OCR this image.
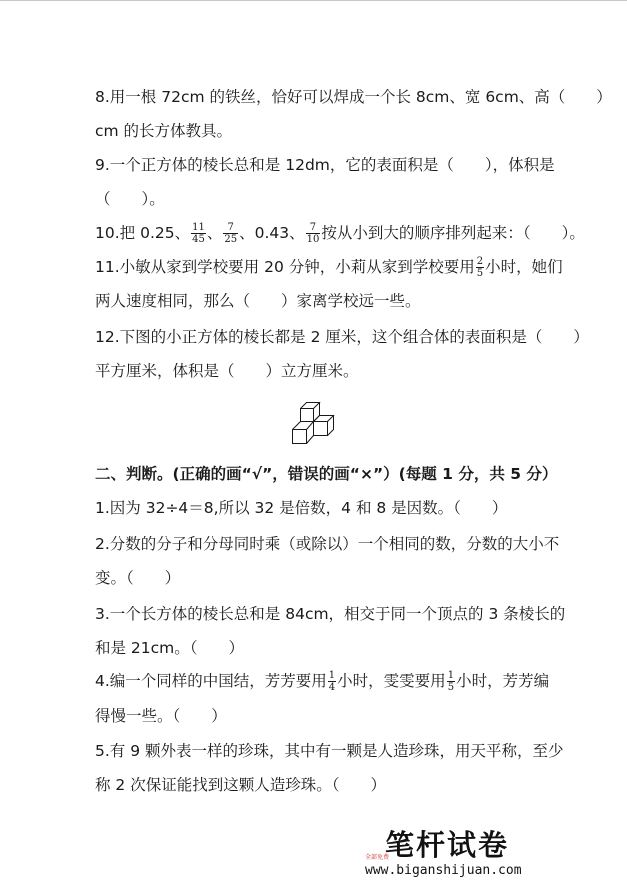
8.用一根 72cm 的铁丝，恰好可以焊成一个长 8cm、宽 6cm、高（　　）
cm 的长方体教具。
9.一个正方体的棱长总和是 12dm，它的表面积是（　　），体积是
（　　）。
10.把 0.25、 $\frac{11}{45}$ 、 $\frac{7}{25}$ 、0.43、 $\frac{7}{10}$ 按从小到大的顺序排列起来：（　　）。
11.小敏从家到学校要用 20 分钟，小莉从家到学校要用 $\frac{2}{5}$ 小时，她们
两人速度相同，那么（　　）家离学校远一些。
12.下图的小正方体的棱长都是 2 厘米，这个组合体的表面积是（　　）
平方厘米，体积是（　　）立方厘米。
二、判断。(正确的画“√”，错误的画“×”）(每题 1 分，共 5 分）
1.因为 32÷4＝8,所以 32 是倍数，4 和 8 是因数。（　　）
2.分数的分子和分母同时乘（或除以）一个相同的数，分数的大小不
变。（　　）
3.一个长方体的棱长总和是 84cm，相交于同一个顶点的 3 条棱长的
和是 21cm。（　　）
4.编一个同样的中国结，芳芳要用 $\frac{1}{4}$ 小时，雯雯要用 $\frac{1}{5}$ 小时，芳芳编
得慢一些。（　　）
5.有 9 颗外表一样的珍珠，其中有一颗是人造珍珠，用天平称，至少
称 2 次保证能找到这颗人造珍珠。（　　）
笔杆试卷
全部免费
www.biganshijuan.com
